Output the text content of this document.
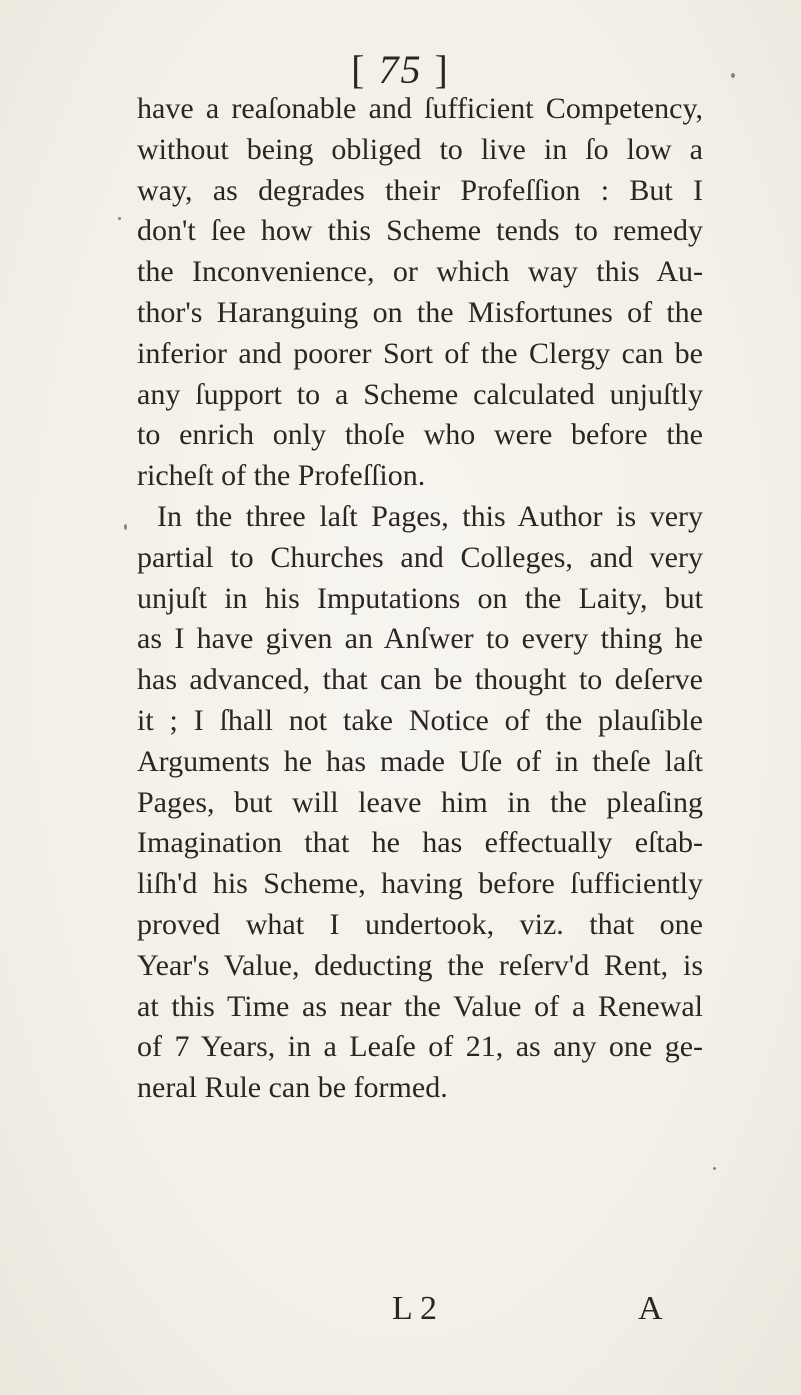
[ 75 ]
have a reaſonable and ſufficient Competency,
without being obliged to live in ſo low a
way, as degrades their Profeſſion : But I
don't ſee how this Scheme tends to remedy
the Inconvenience, or which way this Au-
thor's Haranguing on the Misfortunes of the
inferior and poorer Sort of the Clergy can be
any ſupport to a Scheme calculated unjuſtly
to enrich only thoſe who were before the
richeſt of the Profeſſion.
In the three laſt Pages, this Author is very
partial to Churches and Colleges, and very
unjuſt in his Imputations on the Laity, but
as I have given an Anſwer to every thing he
has advanced, that can be thought to deſerve
it ; I ſhall not take Notice of the plauſible
Arguments he has made Uſe of in theſe laſt
Pages, but will leave him in the pleaſing
Imagination that he has effectually eſtab-
liſh'd his Scheme, having before ſufficiently
proved what I undertook, viz. that one
Year's Value, deducting the reſerv'd Rent, is
at this Time as near the Value of a Renewal
of 7 Years, in a Leaſe of 21, as any one ge-
neral Rule can be formed.
L 2	A
